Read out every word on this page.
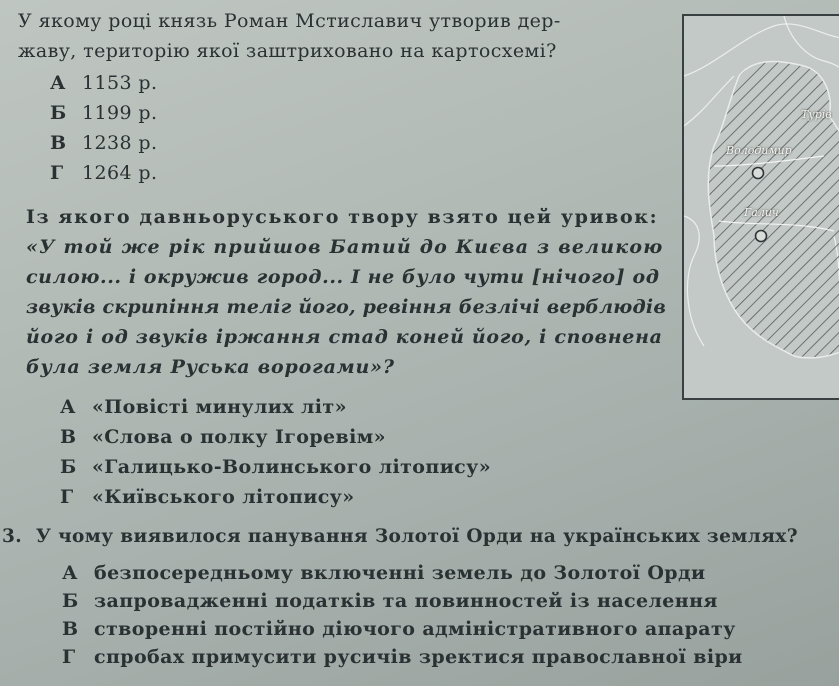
У якому році князь Роман Мстиславич утворив дер-
жаву, територію якої заштриховано на картосхемі?
А 1153 р.
Б 1199 р.
В 1238 р.
Г 1264 р.
Із якого давньоруського твору взято цей уривок:
«У той же рік прийшов Батий до Києва з великою
силою... і окружив город... І не було чути [нічого] од
звуків скрипіння теліг його, ревіння безлічі верблюдів
його і од звуків іржання стад коней його, і сповнена
була земля Руська ворогами»?
А «Повісті минулих літ»
В «Слова о полку Ігоревім»
Б «Галицько-Волинського літопису»
Г «Київського літопису»
3. У чому виявилося панування Золотої Орди на українських землях?
А безпосередньому включенні земель до Золотої Орди
Б запровадженні податків та повинностей із населення
В створенні постійно діючого адміністративного апарату
Г спробах примусити русичів зректися православної віри
Турів
Володимир
Галич
